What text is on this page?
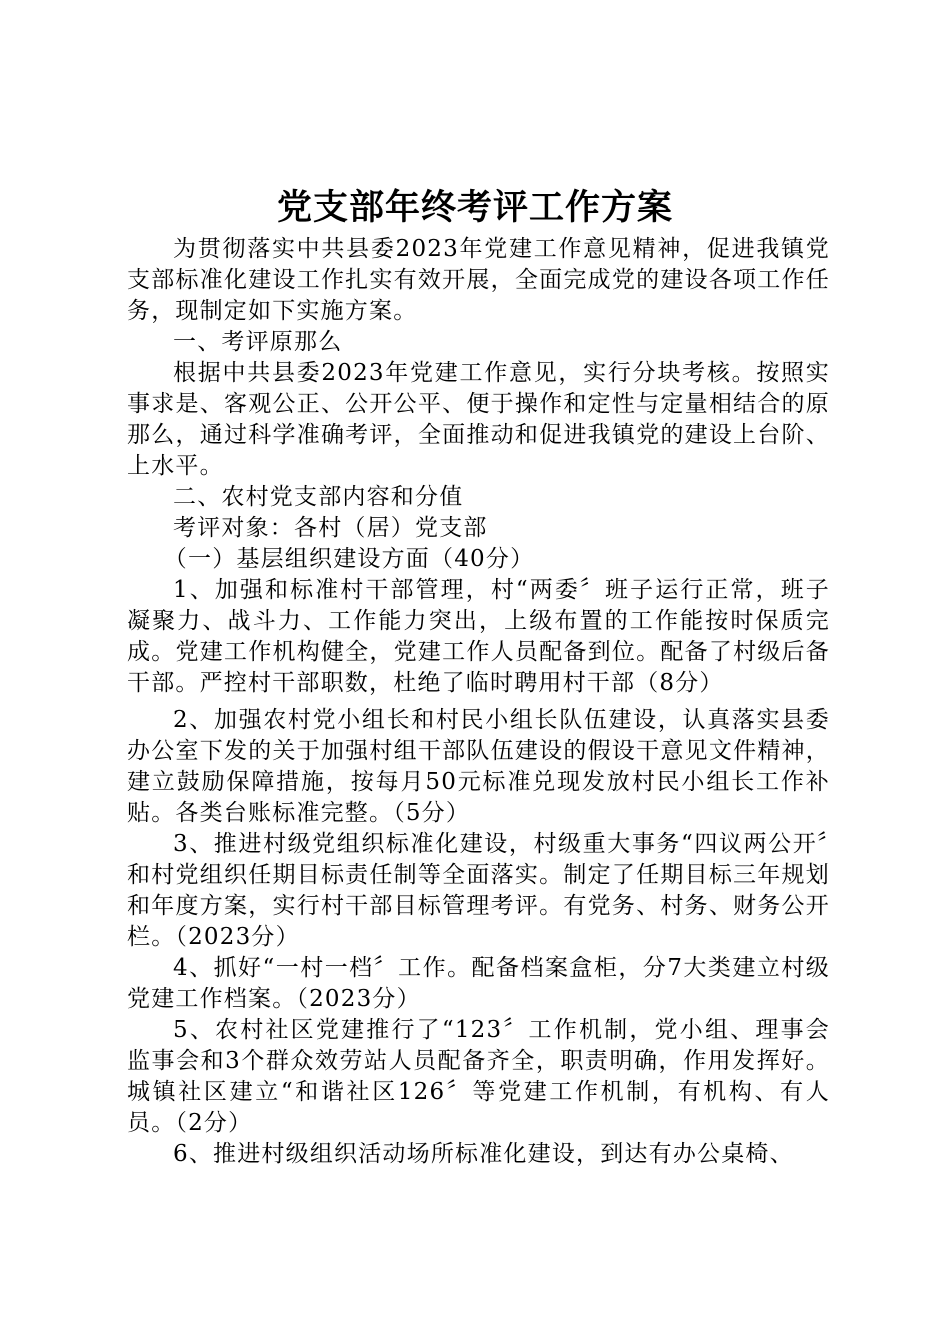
党支部年终考评工作方案

为贯彻落实中共县委2023年党建工作意见精神，促进我镇党支部标准化建设工作扎实有效开展，全面完成党的建设各项工作任务，现制定如下实施方案。

一、考评原那么

根据中共县委2023年党建工作意见，实行分块考核。按照实事求是、客观公正、公开公平、便于操作和定性与定量相结合的原那么，通过科学准确考评，全面推动和促进我镇党的建设上台阶、上水平。

二、农村党支部内容和分值

考评对象：各村（居）党支部

（一）基层组织建设方面（40分）

1、加强和标准村干部管理，村“两委〞班子运行正常，班子凝聚力、战斗力、工作能力突出，上级布置的工作能按时保质完成。党建工作机构健全，党建工作人员配备到位。配备了村级后备干部。严控村干部职数，杜绝了临时聘用村干部（8分）

2、加强农村党小组长和村民小组长队伍建设，认真落实县委办公室下发的关于加强村组干部队伍建设的假设干意见文件精神，建立鼓励保障措施，按每月50元标准兑现发放村民小组长工作补贴。各类台账标准完整。（5分）

3、推进村级党组织标准化建设，村级重大事务“四议两公开〞和村党组织任期目标责任制等全面落实。制定了任期目标三年规划和年度方案，实行村干部目标管理考评。有党务、村务、财务公开栏。（2023分）

4、抓好“一村一档〞工作。配备档案盒柜，分7大类建立村级党建工作档案。（2023分）

5、农村社区党建推行了“123〞工作机制，党小组、理事会监事会和3个群众效劳站人员配备齐全，职责明确，作用发挥好。城镇社区建立“和谐社区126〞等党建工作机制，有机构、有人员。（2分）

6、推进村级组织活动场所标准化建设，到达有办公桌椅、
